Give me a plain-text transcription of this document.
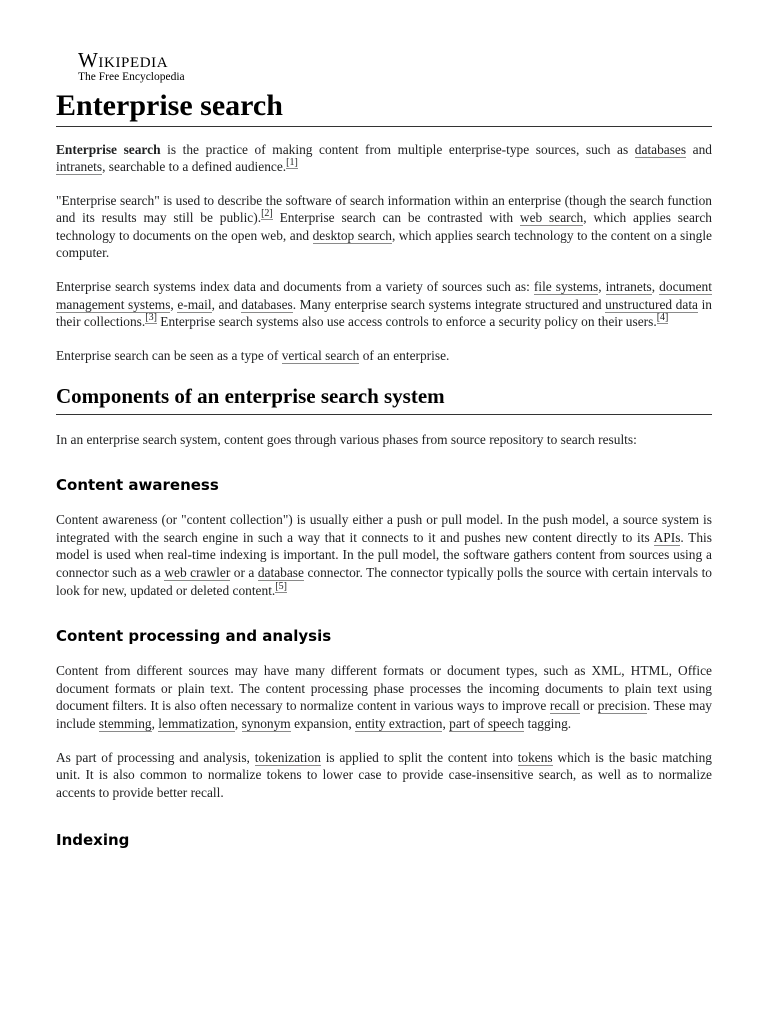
Wikipedia
The Free Encyclopedia
Enterprise search

Enterprise search is the practice of making content from multiple enterprise-type sources, such as databases and intranets, searchable to a defined audience.[1]

"Enterprise search" is used to describe the software of search information within an enterprise (though the search function and its results may still be public).[2] Enterprise search can be contrasted with web search, which applies search technology to documents on the open web, and desktop search, which applies search technology to the content on a single computer.

Enterprise search systems index data and documents from a variety of sources such as: file systems, intranets, document management systems, e-mail, and databases. Many enterprise search systems integrate structured and unstructured data in their collections.[3] Enterprise search systems also use access controls to enforce a security policy on their users.[4]

Enterprise search can be seen as a type of vertical search of an enterprise.

Components of an enterprise search system

In an enterprise search system, content goes through various phases from source repository to search results:

Content awareness

Content awareness (or "content collection") is usually either a push or pull model. In the push model, a source system is integrated with the search engine in such a way that it connects to it and pushes new content directly to its APIs. This model is used when real-time indexing is important. In the pull model, the software gathers content from sources using a connector such as a web crawler or a database connector. The connector typically polls the source with certain intervals to look for new, updated or deleted content.[5]

Content processing and analysis

Content from different sources may have many different formats or document types, such as XML, HTML, Office document formats or plain text. The content processing phase processes the incoming documents to plain text using document filters. It is also often necessary to normalize content in various ways to improve recall or precision. These may include stemming, lemmatization, synonym expansion, entity extraction, part of speech tagging.

As part of processing and analysis, tokenization is applied to split the content into tokens which is the basic matching unit. It is also common to normalize tokens to lower case to provide case-insensitive search, as well as to normalize accents to provide better recall.

Indexing
